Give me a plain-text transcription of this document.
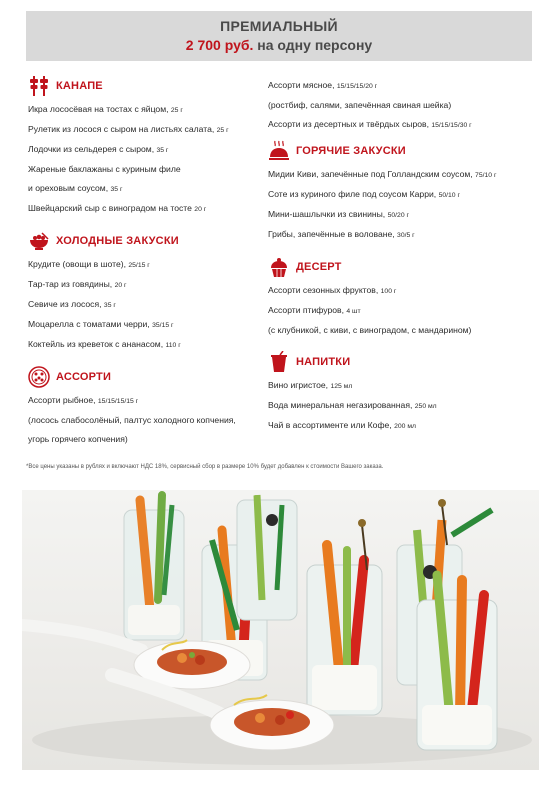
ПРЕМИАЛЬНЫЙ
2 700 руб. на одну персону
КАНАПЕ
Икра лососёвая на тостах с яйцом, 25 г
Рулетик из лосося с сыром на листьях салата, 25 г
Лодочки из сельдерея с сыром, 35 г
Жареные баклажаны с куриным филе
и ореховым соусом, 35 г
Швейцарский сыр с виноградом на тосте 20 г
ХОЛОДНЫЕ ЗАКУСКИ
Крудите (овощи в шоте), 25/15 г
Тар-тар из говядины, 20 г
Севиче из лосося, 35 г
Моцарелла с томатами черри, 35/15 г
Коктейль из креветок с ананасом, 110 г
АССОРТИ
Ассорти рыбное, 15/15/15/15 г
(лосось слабосолёный, палтус холодного копчения,
угорь горячего копчения)
Ассорти мясное, 15/15/15/20 г
(ростбиф, салями, запечённая свиная шейка)
Ассорти из десертных и твёрдых сыров, 15/15/15/30 г
ГОРЯЧИЕ ЗАКУСКИ
Мидии Киви, запечённые под Голландским соусом, 75/10 г
Соте из куриного филе под соусом Карри, 50/10 г
Мини-шашлычки из свинины, 50/20 г
Грибы, запечённые в воловане, 30/5 г
ДЕСЕРТ
Ассорти сезонных фруктов, 100 г
Ассорти птифуров, 4 шт
(с клубникой, с киви, с виноградом, с мандарином)
НАПИТКИ
Вино игристое, 125 мл
Вода минеральная негазированная, 250 мл
Чай в ассортименте или Кофе, 200 мл
*Все цены указаны в рублях и включают НДС 18%, сервисный сбор в размере 10% будет добавлен к стоимости Вашего заказа.
